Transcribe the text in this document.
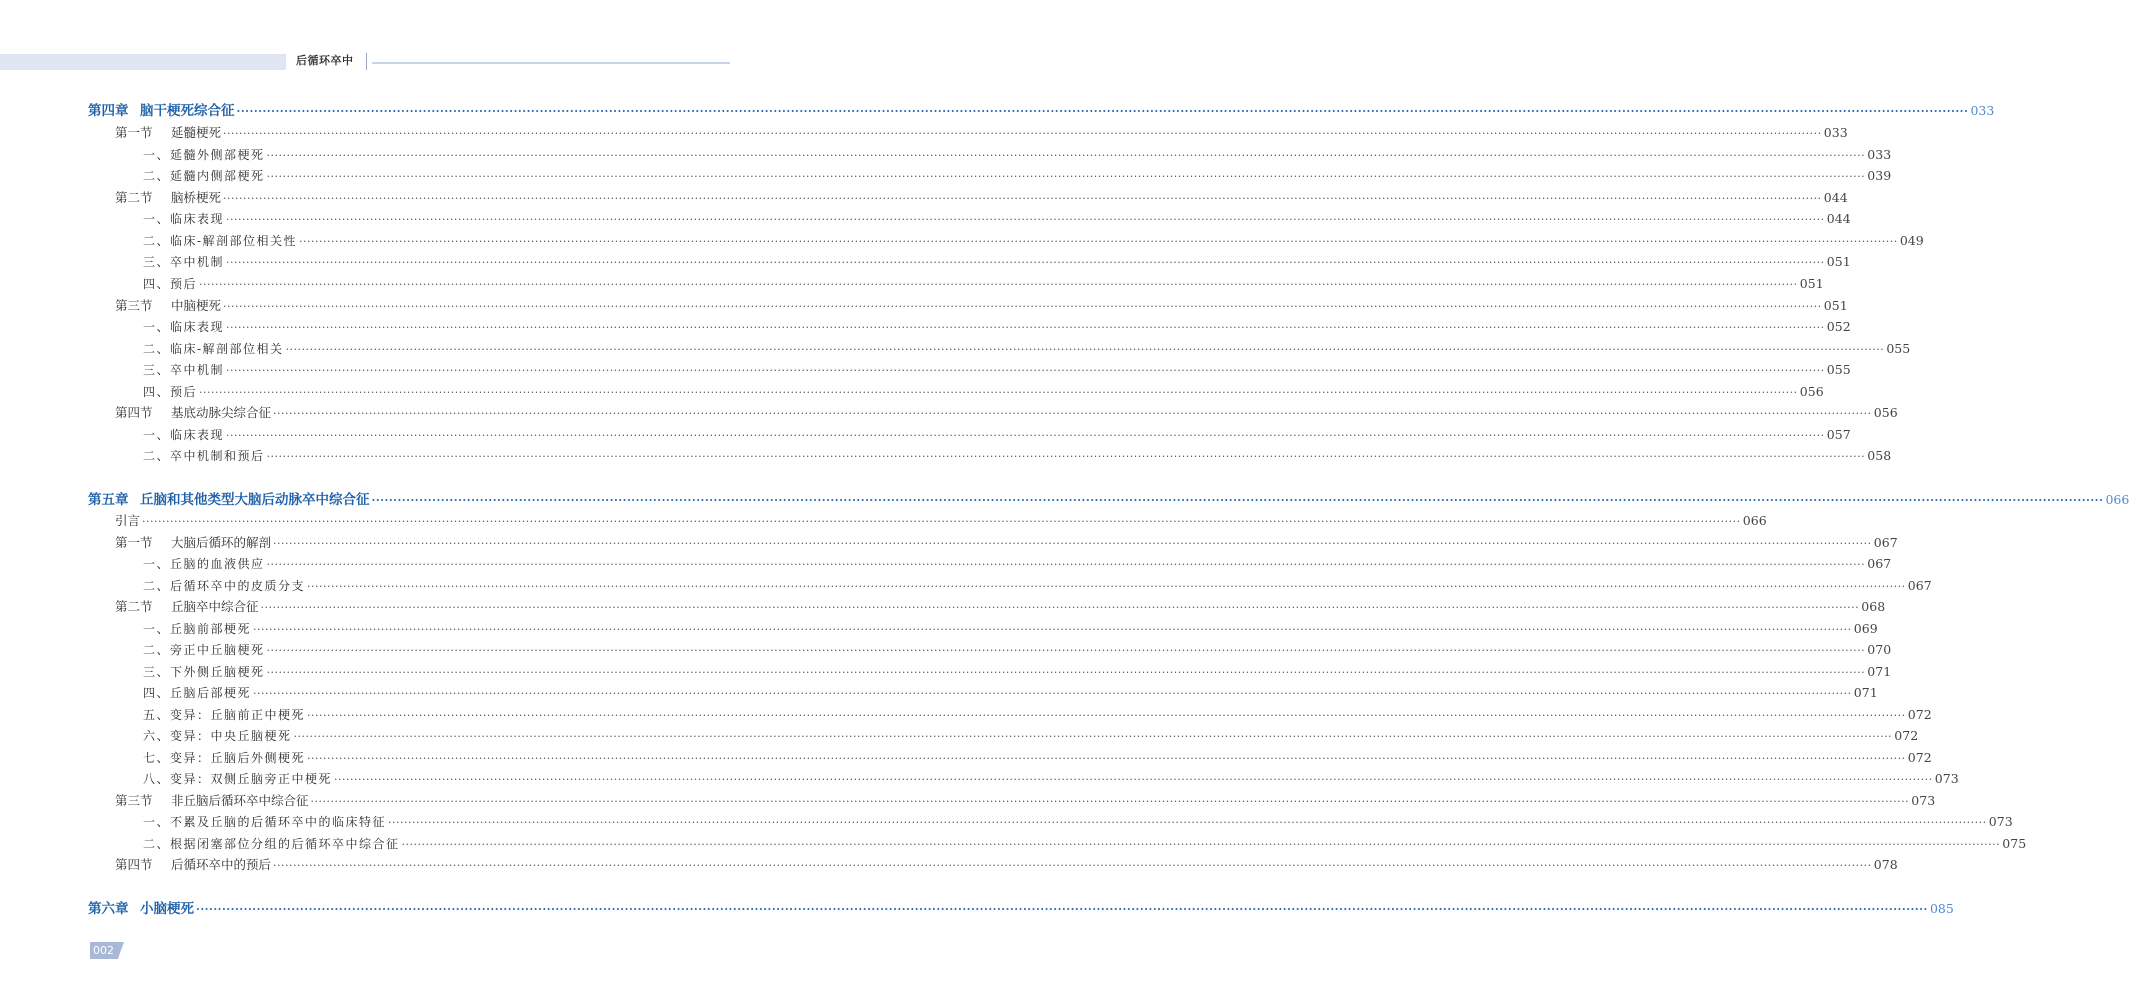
后循环卒中
第四章 脑干梗死综合征 ················································································································································································································································································································································································································ 033
第一节 延髓梗死 ················································································································································································································································································································································································································ 033
一、延髓外侧部梗死 ················································································································································································································································································································································································································ 033
二、延髓内侧部梗死 ················································································································································································································································································································································································································ 039
第二节 脑桥梗死 ················································································································································································································································································································································································································ 044
一、临床表现 ················································································································································································································································································································································································································ 044
二、临床-解剖部位相关性 ················································································································································································································································································································································································································ 049
三、卒中机制 ················································································································································································································································································································································································································ 051
四、预后 ················································································································································································································································································································································································································ 051
第三节 中脑梗死 ················································································································································································································································································································································································································ 051
一、临床表现 ················································································································································································································································································································································································································ 052
二、临床-解剖部位相关 ················································································································································································································································································································································································································ 055
三、卒中机制 ················································································································································································································································································································································································································ 055
四、预后 ················································································································································································································································································································································································································ 056
第四节 基底动脉尖综合征 ················································································································································································································································································································································································································ 056
一、临床表现 ················································································································································································································································································································································································································ 057
二、卒中机制和预后 ················································································································································································································································································································································································································ 058
第五章 丘脑和其他类型大脑后动脉卒中综合征 ················································································································································································································································································································································································································ 066
引言 ················································································································································································································································································································································································································ 066
第一节 大脑后循环的解剖 ················································································································································································································································································································································································································ 067
一、丘脑的血液供应 ················································································································································································································································································································································································································ 067
二、后循环卒中的皮质分支 ················································································································································································································································································································································································································ 067
第二节 丘脑卒中综合征 ················································································································································································································································································································································································································ 068
一、丘脑前部梗死 ················································································································································································································································································································································································································ 069
二、旁正中丘脑梗死 ················································································································································································································································································································································································································ 070
三、下外侧丘脑梗死 ················································································································································································································································································································································································································ 071
四、丘脑后部梗死 ················································································································································································································································································································································································································ 071
五、变异：丘脑前正中梗死 ················································································································································································································································································································································································································ 072
六、变异：中央丘脑梗死 ················································································································································································································································································································································································································ 072
七、变异：丘脑后外侧梗死 ················································································································································································································································································································································································································ 072
八、变异：双侧丘脑旁正中梗死 ················································································································································································································································································································································································································ 073
第三节 非丘脑后循环卒中综合征 ················································································································································································································································································································································································································ 073
一、不累及丘脑的后循环卒中的临床特征 ················································································································································································································································································································································································································ 073
二、根据闭塞部位分组的后循环卒中综合征 ················································································································································································································································································································································································································ 075
第四节 后循环卒中的预后 ················································································································································································································································································································································································································ 078
第六章 小脑梗死 ················································································································································································································································································································································································································ 085
002
